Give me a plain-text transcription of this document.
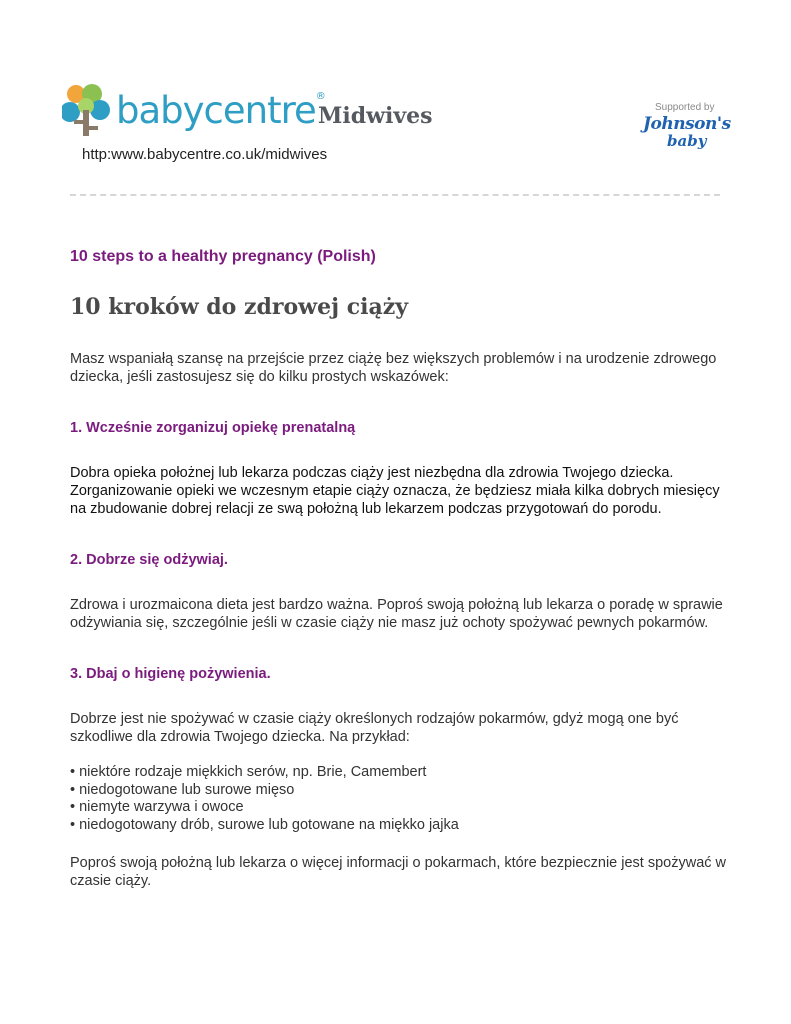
babycentre®
Midwives
http:www.babycentre.co.uk/midwives
Supported by
Johnson's
baby

10 steps to a healthy pregnancy (Polish)

10 kroków do zdrowej ciąży

Masz wspaniałą szansę na przejście przez ciążę bez większych problemów i na urodzenie zdrowego dziecka, jeśli zastosujesz się do kilku prostych wskazówek:

1. Wcześnie zorganizuj opiekę prenatalną

Dobra opieka położnej lub lekarza podczas ciąży jest niezbędna dla zdrowia Twojego dziecka. Zorganizowanie opieki we wczesnym etapie ciąży oznacza, że będziesz miała kilka dobrych miesięcy na zbudowanie dobrej relacji ze swą położną lub lekarzem podczas przygotowań do porodu.

2. Dobrze się odżywiaj.

Zdrowa i urozmaicona dieta jest bardzo ważna. Poproś swoją położną lub lekarza o poradę w sprawie odżywiania się, szczególnie jeśli w czasie ciąży nie masz już ochoty spożywać pewnych pokarmów.

3. Dbaj o higienę pożywienia.

Dobrze jest nie spożywać w czasie ciąży określonych rodzajów pokarmów, gdyż mogą one być szkodliwe dla zdrowia Twojego dziecka. Na przykład:

• niektóre rodzaje miękkich serów, np. Brie, Camembert
• niedogotowane lub surowe mięso
• niemyte warzywa i owoce
• niedogotowany drób, surowe lub gotowane na miękko jajka

Poproś swoją położną lub lekarza o więcej informacji o pokarmach, które bezpiecznie jest spożywać w czasie ciąży.
